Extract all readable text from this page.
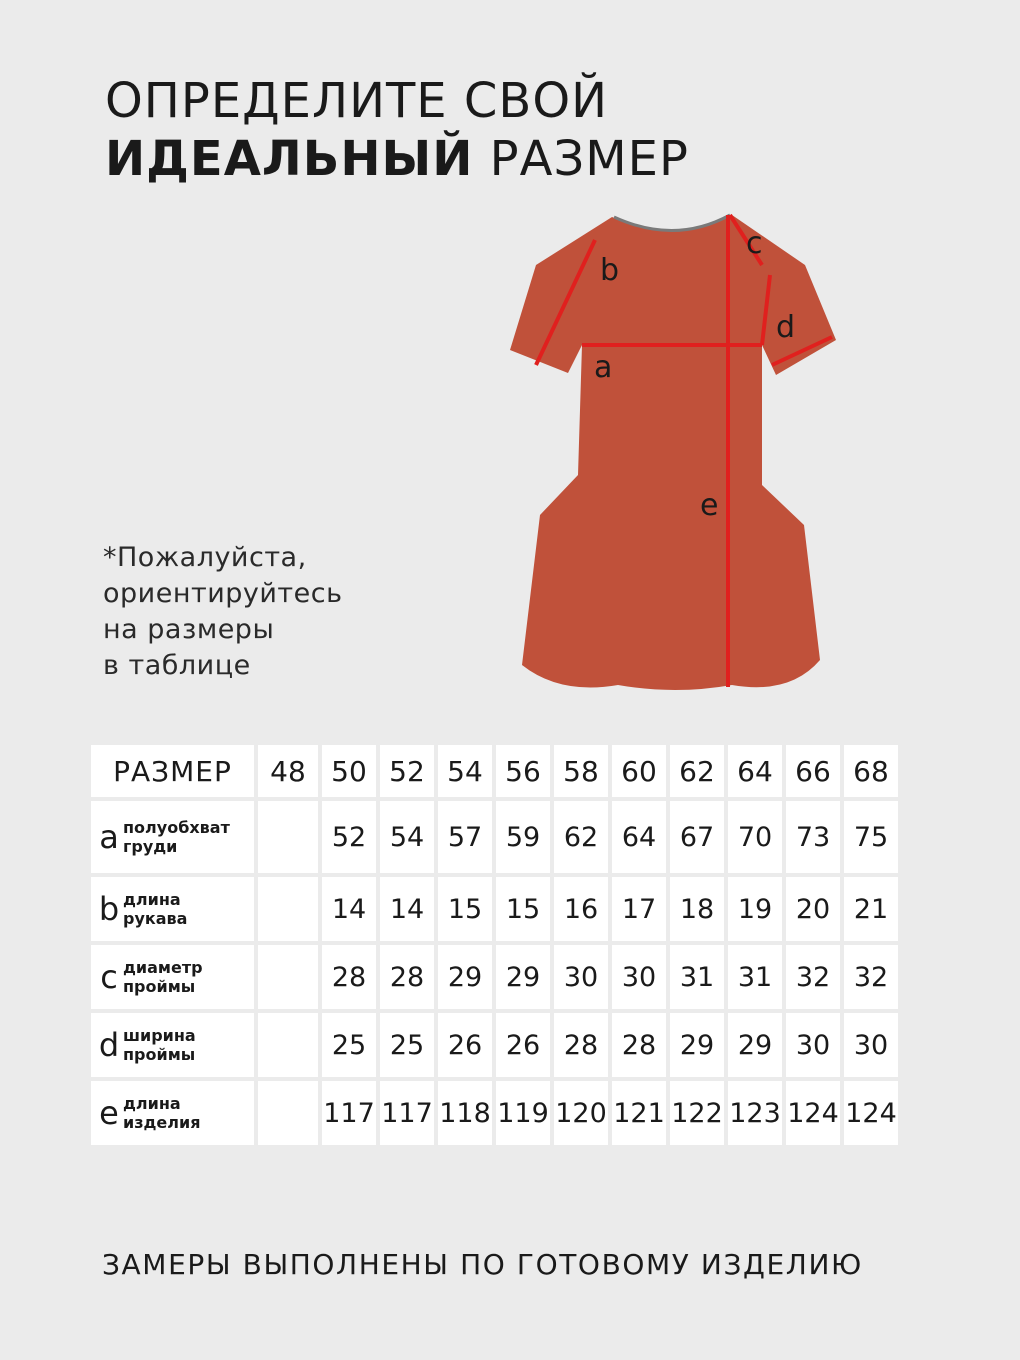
ОПРЕДЕЛИТЕ СВОЙ
ИДЕАЛЬНЫЙ РАЗМЕР
*Пожалуйста,
ориентируйтесь
на размеры
в таблице
a
b
c
d
e
РАЗМЕР	48	50	52	54	56	58	60	62	64	66	68
a полуобхват
груди		52	54	57	59	62	64	67	70	73	75
b длина
рукава		14	14	15	15	16	17	18	19	20	21
c диаметр
проймы		28	28	29	29	30	30	31	31	32	32
d ширина
проймы		25	25	26	26	28	28	29	29	30	30
e длина
изделия		117	117	118	119	120	121	122	123	124	124
ЗАМЕРЫ ВЫПОЛНЕНЫ ПО ГОТОВОМУ ИЗДЕЛИЮ
